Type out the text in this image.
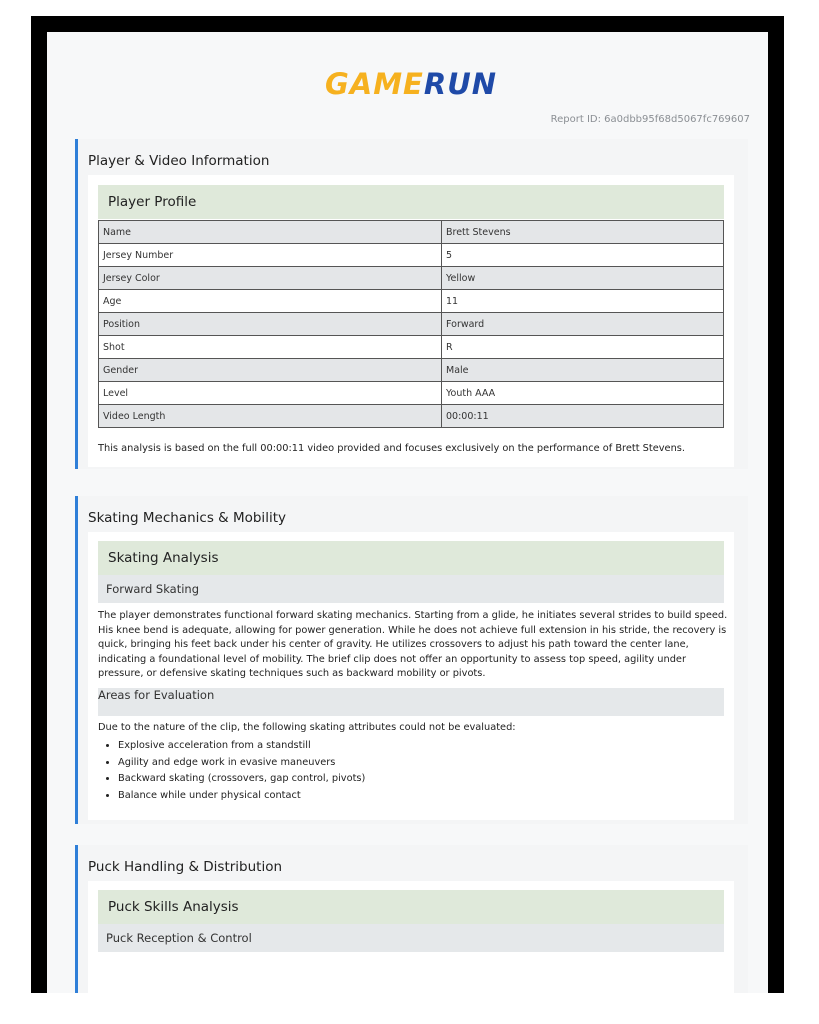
GAME RUN
Report ID: 6a0dbb95f68d5067fc769607
Player & Video Information
Player Profile
Name	Brett Stevens
Jersey Number	5
Jersey Color	Yellow
Age	11
Position	Forward
Shot	R
Gender	Male
Level	Youth AAA
Video Length	00:00:11
This analysis is based on the full 00:00:11 video provided and focuses exclusively on the performance of Brett Stevens.
Skating Mechanics & Mobility
Skating Analysis
Forward Skating
The player demonstrates functional forward skating mechanics. Starting from a glide, he initiates several strides to build speed. His knee bend is adequate, allowing for power generation. While he does not achieve full extension in his stride, the recovery is quick, bringing his feet back under his center of gravity. He utilizes crossovers to adjust his path toward the center lane, indicating a foundational level of mobility. The brief clip does not offer an opportunity to assess top speed, agility under pressure, or defensive skating techniques such as backward mobility or pivots.
Areas for Evaluation
Due to the nature of the clip, the following skating attributes could not be evaluated:
• Explosive acceleration from a standstill
• Agility and edge work in evasive maneuvers
• Backward skating (crossovers, gap control, pivots)
• Balance while under physical contact
Puck Handling & Distribution
Puck Skills Analysis
Puck Reception & Control
